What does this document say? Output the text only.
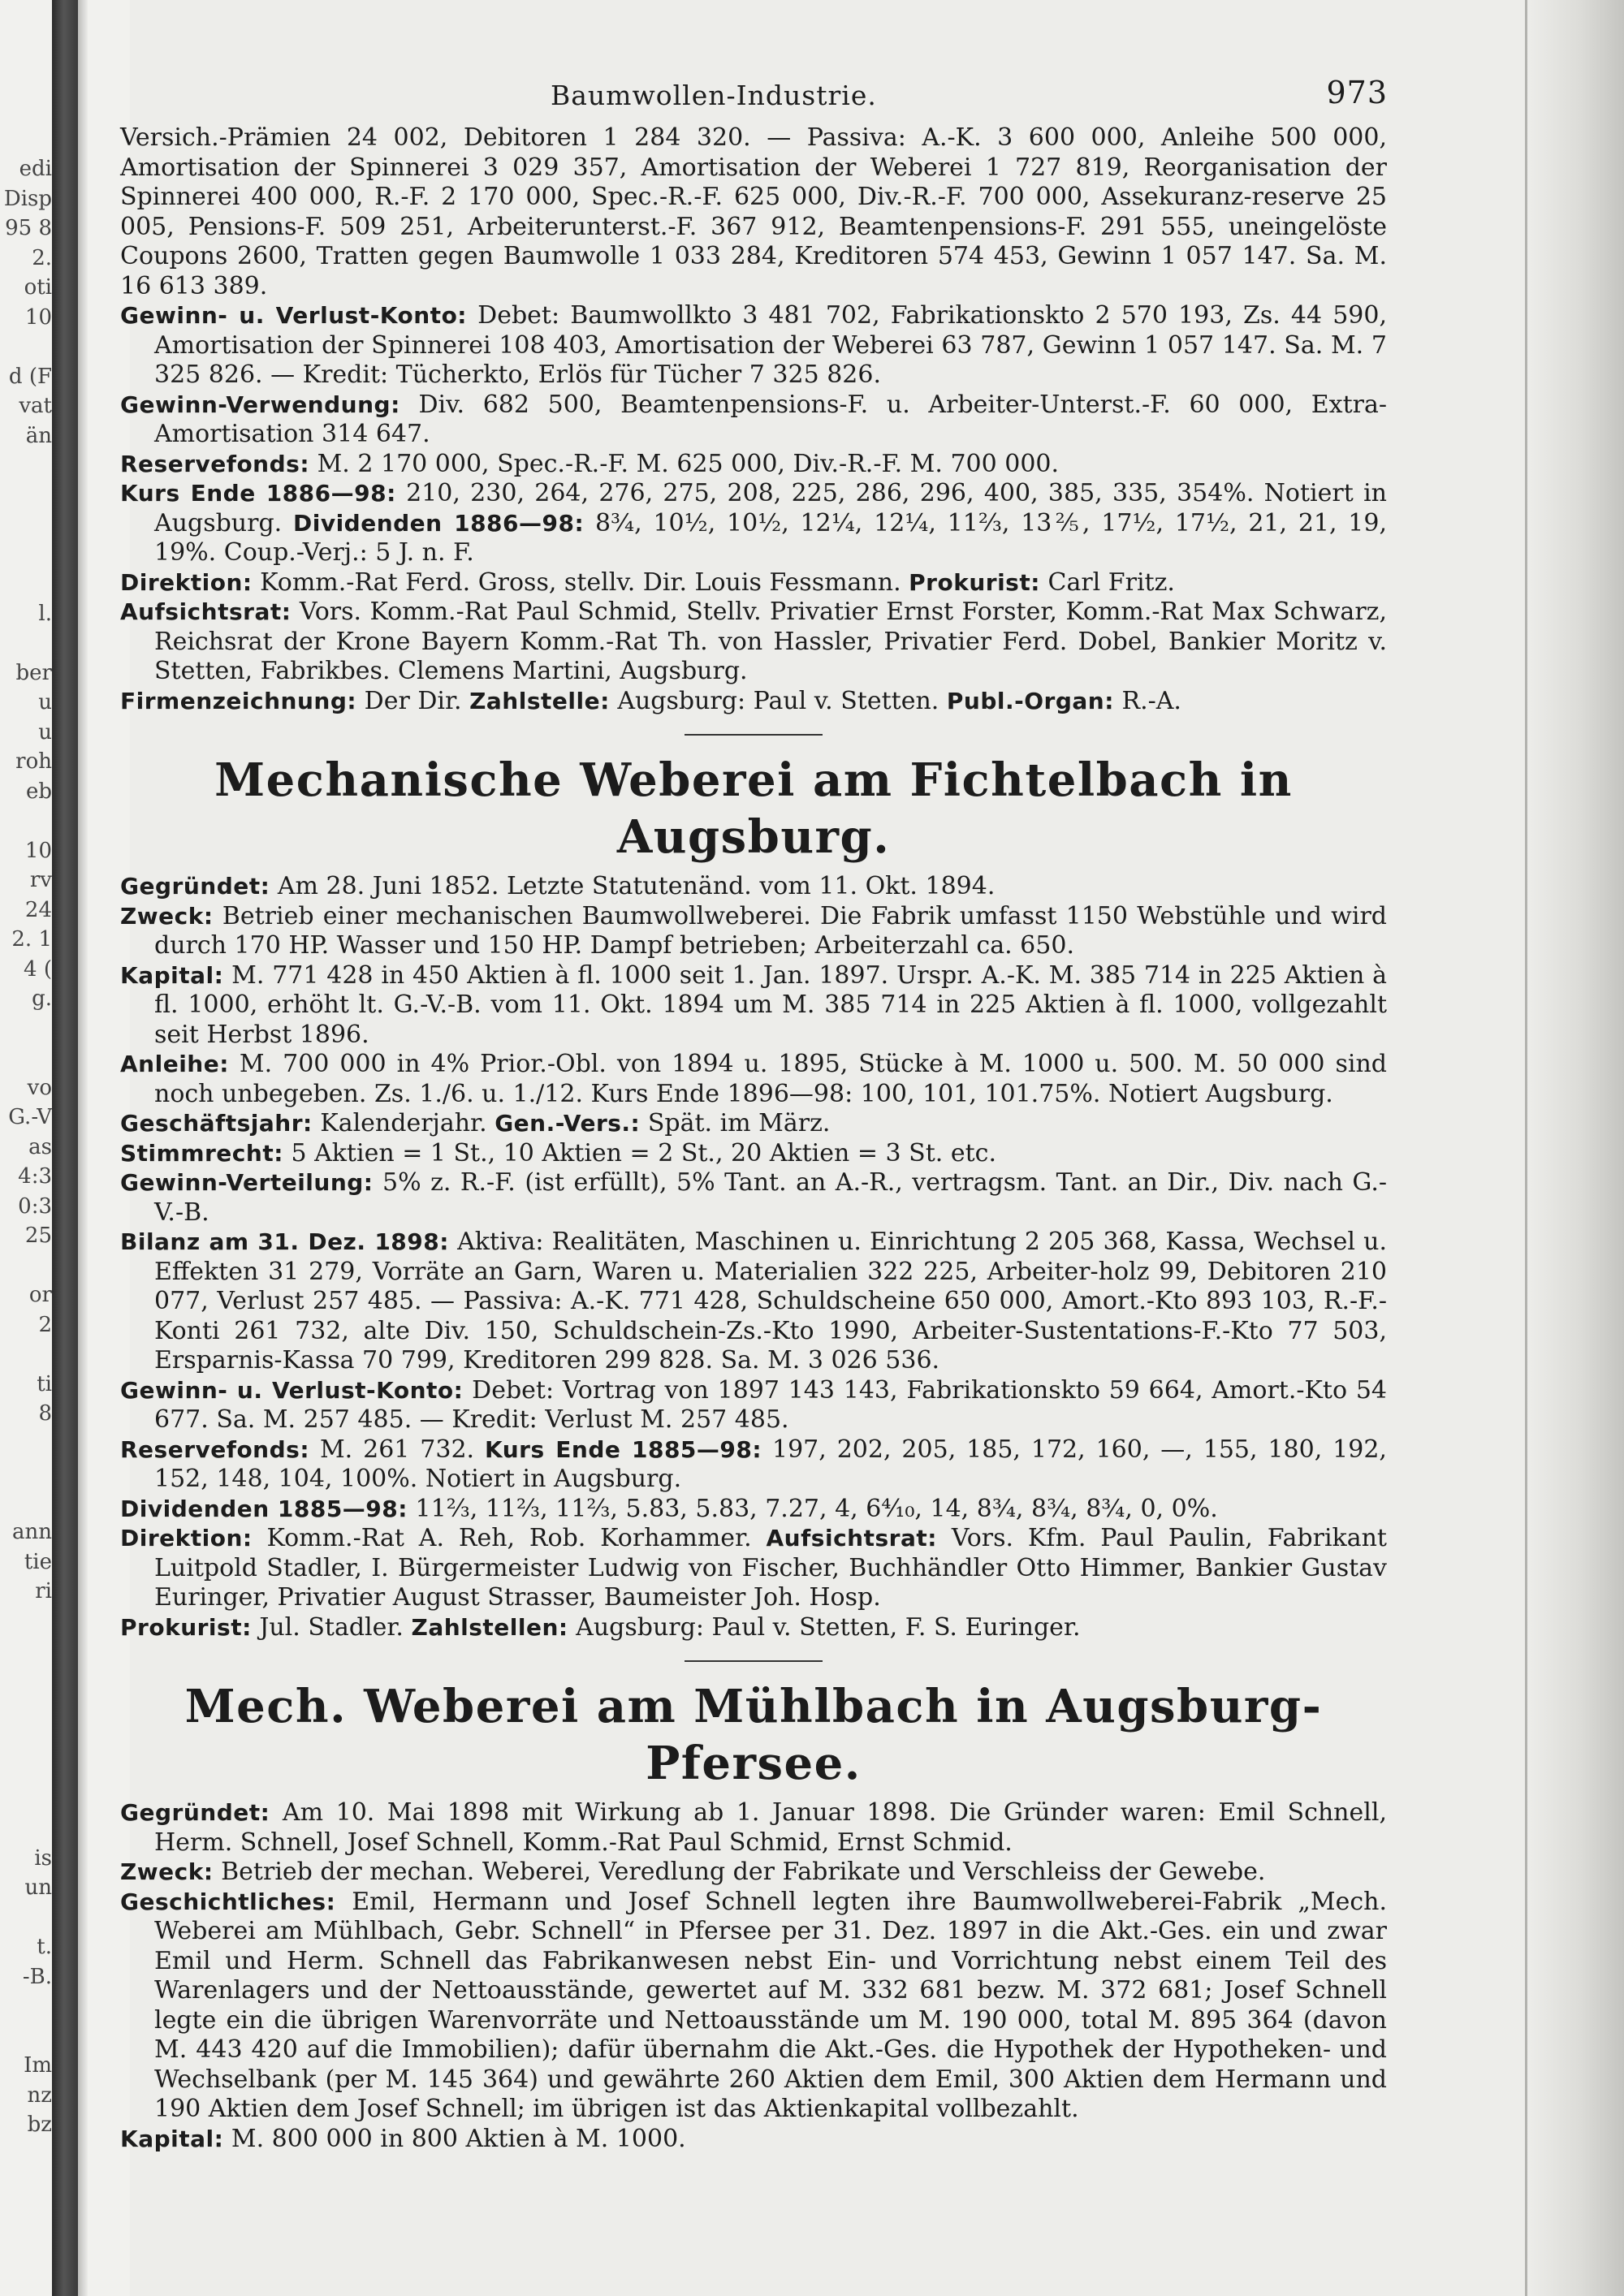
edi
Disp
95 8
2.
oti
10
d (F
vat
än
l.
ber
u
u
roh
eb
10
rv
24
2. 1
4 (
g.
vo
G.-V
as
4:3
0:3
25
or
2
ti
8
ann
tie
ri
is
un
t.
-B.
Im
nz
bz
Baumwollen-Industrie.	973
Versich.-Prämien 24 002, Debitoren 1 284 320. — Passiva: A.-K. 3 600 000, Anleihe 500 000, Amortisation der Spinnerei 3 029 357, Amortisation der Weberei 1 727 819, Reorganisation der Spinnerei 400 000, R.-F. 2 170 000, Spec.-R.-F. 625 000, Div.-R.-F. 700 000, Assekuranz-reserve 25 005, Pensions-F. 509 251, Arbeiterunterst.-F. 367 912, Beamtenpensions-F. 291 555, uneingelöste Coupons 2600, Tratten gegen Baumwolle 1 033 284, Kreditoren 574 453, Gewinn 1 057 147. Sa. M. 16 613 389.
Gewinn- u. Verlust-Konto: Debet: Baumwollkto 3 481 702, Fabrikationskto 2 570 193, Zs. 44 590, Amortisation der Spinnerei 108 403, Amortisation der Weberei 63 787, Gewinn 1 057 147. Sa. M. 7 325 826. — Kredit: Tücherkto, Erlös für Tücher 7 325 826.
Gewinn-Verwendung: Div. 682 500, Beamtenpensions-F. u. Arbeiter-Unterst.-F. 60 000, Extra-Amortisation 314 647.
Reservefonds: M. 2 170 000, Spec.-R.-F. M. 625 000, Div.-R.-F. M. 700 000.
Kurs Ende 1886—98: 210, 230, 264, 276, 275, 208, 225, 286, 296, 400, 385, 335, 354%. Notiert in Augsburg. Dividenden 1886—98: 8¾, 10½, 10½, 12¼, 12¼, 11⅔, 13⅖, 17½, 17½, 21, 21, 19, 19%. Coup.-Verj.: 5 J. n. F.
Direktion: Komm.-Rat Ferd. Gross, stellv. Dir. Louis Fessmann. Prokurist: Carl Fritz.
Aufsichtsrat: Vors. Komm.-Rat Paul Schmid, Stellv. Privatier Ernst Forster, Komm.-Rat Max Schwarz, Reichsrat der Krone Bayern Komm.-Rat Th. von Hassler, Privatier Ferd. Dobel, Bankier Moritz v. Stetten, Fabrikbes. Clemens Martini, Augsburg.
Firmenzeichnung: Der Dir. Zahlstelle: Augsburg: Paul v. Stetten. Publ.-Organ: R.-A.
Mechanische Weberei am Fichtelbach in Augsburg.
Gegründet: Am 28. Juni 1852. Letzte Statutenänd. vom 11. Okt. 1894.
Zweck: Betrieb einer mechanischen Baumwollweberei. Die Fabrik umfasst 1150 Webstühle und wird durch 170 HP. Wasser und 150 HP. Dampf betrieben; Arbeiterzahl ca. 650.
Kapital: M. 771 428 in 450 Aktien à fl. 1000 seit 1. Jan. 1897. Urspr. A.-K. M. 385 714 in 225 Aktien à fl. 1000, erhöht lt. G.-V.-B. vom 11. Okt. 1894 um M. 385 714 in 225 Aktien à fl. 1000, vollgezahlt seit Herbst 1896.
Anleihe: M. 700 000 in 4% Prior.-Obl. von 1894 u. 1895, Stücke à M. 1000 u. 500. M. 50 000 sind noch unbegeben. Zs. 1./6. u. 1./12. Kurs Ende 1896—98: 100, 101, 101.75%. Notiert Augsburg.
Geschäftsjahr: Kalenderjahr. Gen.-Vers.: Spät. im März.
Stimmrecht: 5 Aktien = 1 St., 10 Aktien = 2 St., 20 Aktien = 3 St. etc.
Gewinn-Verteilung: 5% z. R.-F. (ist erfüllt), 5% Tant. an A.-R., vertragsm. Tant. an Dir., Div. nach G.-V.-B.
Bilanz am 31. Dez. 1898: Aktiva: Realitäten, Maschinen u. Einrichtung 2 205 368, Kassa, Wechsel u. Effekten 31 279, Vorräte an Garn, Waren u. Materialien 322 225, Arbeiter-holz 99, Debitoren 210 077, Verlust 257 485. — Passiva: A.-K. 771 428, Schuldscheine 650 000, Amort.-Kto 893 103, R.-F.-Konti 261 732, alte Div. 150, Schuldschein-Zs.-Kto 1990, Arbeiter-Sustentations-F.-Kto 77 503, Ersparnis-Kassa 70 799, Kreditoren 299 828. Sa. M. 3 026 536.
Gewinn- u. Verlust-Konto: Debet: Vortrag von 1897 143 143, Fabrikationskto 59 664, Amort.-Kto 54 677. Sa. M. 257 485. — Kredit: Verlust M. 257 485.
Reservefonds: M. 261 732. Kurs Ende 1885—98: 197, 202, 205, 185, 172, 160, —, 155, 180, 192, 152, 148, 104, 100%. Notiert in Augsburg.
Dividenden 1885—98: 11⅔, 11⅔, 11⅔, 5.83, 5.83, 7.27, 4, 6⁴⁄₁₀, 14, 8¾, 8¾, 8¾, 0, 0%.
Direktion: Komm.-Rat A. Reh, Rob. Korhammer. Aufsichtsrat: Vors. Kfm. Paul Paulin, Fabrikant Luitpold Stadler, I. Bürgermeister Ludwig von Fischer, Buchhändler Otto Himmer, Bankier Gustav Euringer, Privatier August Strasser, Baumeister Joh. Hosp.
Prokurist: Jul. Stadler. Zahlstellen: Augsburg: Paul v. Stetten, F. S. Euringer.
Mech. Weberei am Mühlbach in Augsburg-Pfersee.
Gegründet: Am 10. Mai 1898 mit Wirkung ab 1. Januar 1898. Die Gründer waren: Emil Schnell, Herm. Schnell, Josef Schnell, Komm.-Rat Paul Schmid, Ernst Schmid.
Zweck: Betrieb der mechan. Weberei, Veredlung der Fabrikate und Verschleiss der Gewebe.
Geschichtliches: Emil, Hermann und Josef Schnell legten ihre Baumwollweberei-Fabrik „Mech. Weberei am Mühlbach, Gebr. Schnell“ in Pfersee per 31. Dez. 1897 in die Akt.-Ges. ein und zwar Emil und Herm. Schnell das Fabrikanwesen nebst Ein- und Vorrichtung nebst einem Teil des Warenlagers und der Nettoausstände, gewertet auf M. 332 681 bezw. M. 372 681; Josef Schnell legte ein die übrigen Warenvorräte und Nettoausstände um M. 190 000, total M. 895 364 (davon M. 443 420 auf die Immobilien); dafür übernahm die Akt.-Ges. die Hypothek der Hypotheken- und Wechselbank (per M. 145 364) und gewährte 260 Aktien dem Emil, 300 Aktien dem Hermann und 190 Aktien dem Josef Schnell; im übrigen ist das Aktienkapital vollbezahlt.
Kapital: M. 800 000 in 800 Aktien à M. 1000.
